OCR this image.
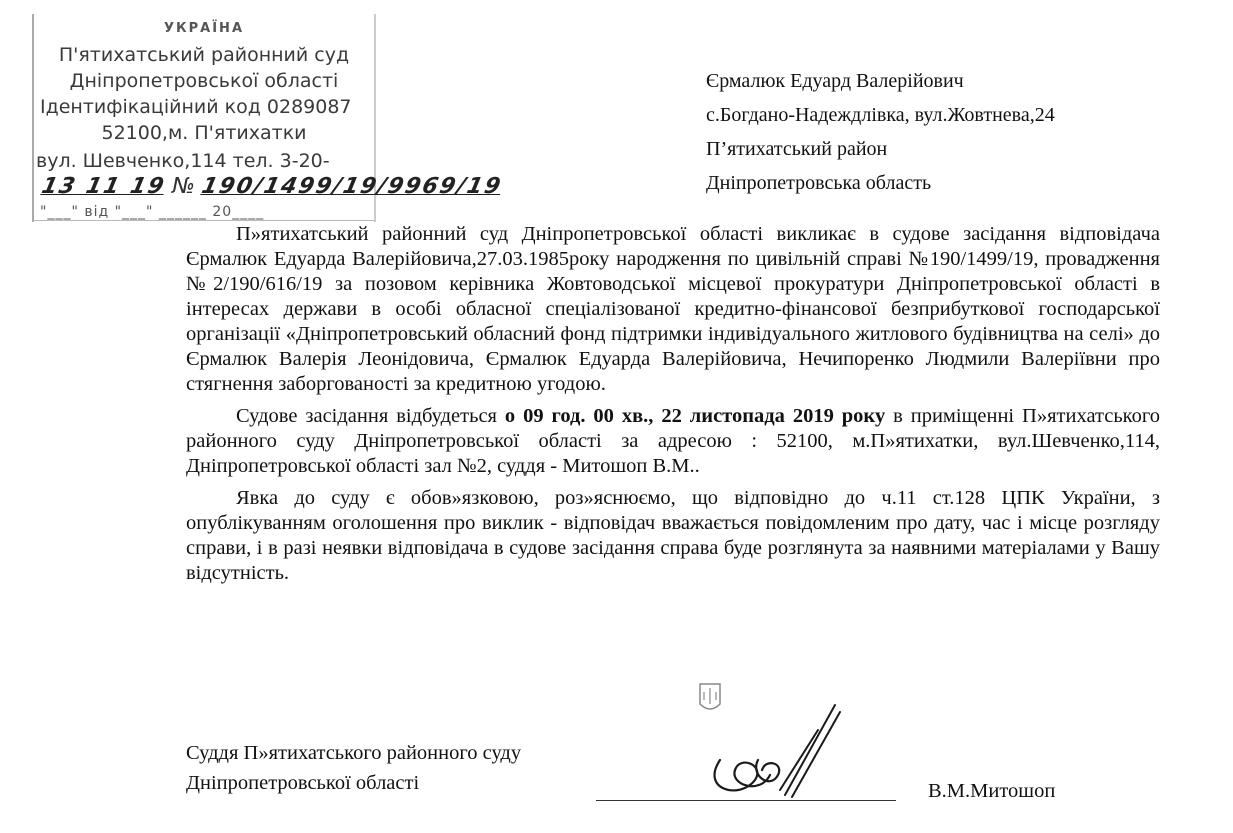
УКРАЇНА
П'ятихатський районний суд
Дніпропетровської області
Ідентифікаційний код 0289087
52100,м. П'ятихатки
вул. Шевченко,114 тел. 3-20-
13 11 19 № 190/1499/19/9969/19
"___" від "___" ______ 20____
Єрмалюк Едуард Валерійович
с.Богдано-Надеждлівка, вул.Жовтнева,24
П’ятихатський район
Дніпропетровська область

П»ятихатський районний суд Дніпропетровської області викликає в судове засідання відповідача Єрмалюк Едуарда Валерійовича,27.03.1985року народження по цивільній справі №190/1499/19, провадження №2/190/616/19 за позовом керівника Жовтоводської місцевої прокуратури Дніпропетровської області в інтересах держави в особі обласної спеціалізованої кредитно-фінансової безприбуткової господарської організації «Дніпропетровський обласний фонд підтримки індивідуального житлового будівництва на селі» до Єрмалюк Валерія Леонідовича, Єрмалюк Едуарда Валерійовича, Нечипоренко Людмили Валеріївни про стягнення заборгованості за кредитною угодою.

Судове засідання відбудеться о 09 год. 00 хв., 22 листопада 2019 року в приміщенні П»ятихатського районного суду Дніпропетровської області за адресою : 52100, м.П»ятихатки, вул.Шевченко,114, Дніпропетровської області зал №2, суддя - Митошоп В.М..

Явка до суду є обов»язковою, роз»яснюємо, що відповідно до ч.11 ст.128 ЦПК України, з опублікуванням оголошення про виклик - відповідач вважається повідомленим про дату, час і місце розгляду справи, і в разі неявки відповідача в судове засідання справа буде розглянута за наявними матеріалами у Вашу відсутність.

Суддя П»ятихатського районного суду
Дніпропетровської області	В.М.Митошоп
